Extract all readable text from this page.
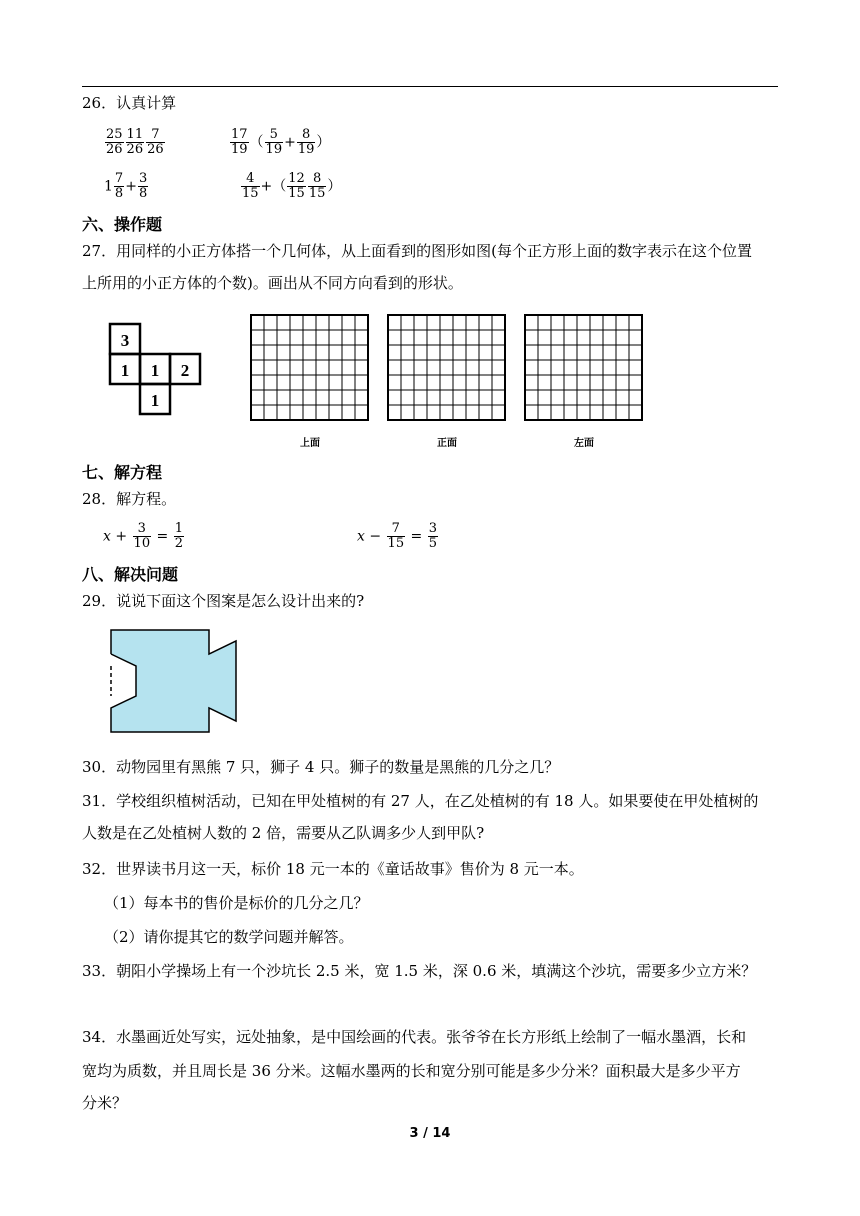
26．认真计算
$\frac{25}{26} \frac{11}{26} \frac{7}{26}$	$\frac{17}{19}$ （ $\frac{5}{19} + \frac{8}{19}$ ）
$1 \frac{7}{8} + \frac{3}{8}$	$\frac{4}{15}$ +（ $\frac{12}{15} \frac{8}{15}$ ）
六、操作题
27．用同样的小正方体搭一个几何体，从上面看到的图形如图(每个正方形上面的数字表示在这个位置
上所用的小正方体的个数)。画出从不同方向看到的形状。
3
1 1 2
1
上面	正面	左面
七、解方程
28．解方程。
$x + \frac{3}{10} = \frac{1}{2}$	$x - \frac{7}{15} = \frac{3}{5}$
八、解决问题
29．说说下面这个图案是怎么设计出来的?
30．动物园里有黑熊 7 只，狮子 4 只。狮子的数量是黑熊的几分之几？
31．学校组织植树活动，已知在甲处植树的有 27 人，在乙处植树的有 18 人。如果要使在甲处植树的
人数是在乙处植树人数的 2 倍，需要从乙队调多少人到甲队?
32．世界读书月这一天，标价 18 元一本的《童话故事》售价为 8 元一本。
（1）每本书的售价是标价的几分之几？
（2）请你提其它的数学问题并解答。
33．朝阳小学操场上有一个沙坑长 2.5 米，宽 1.5 米，深 0.6 米，填满这个沙坑，需要多少立方米？
34．水墨画近处写实，远处抽象，是中国绘画的代表。张爷爷在长方形纸上绘制了一幅水墨酒，长和
宽均为质数，并且周长是 36 分米。这幅水墨两的长和宽分别可能是多少分米？面积最大是多少平方
分米？
3 / 14
